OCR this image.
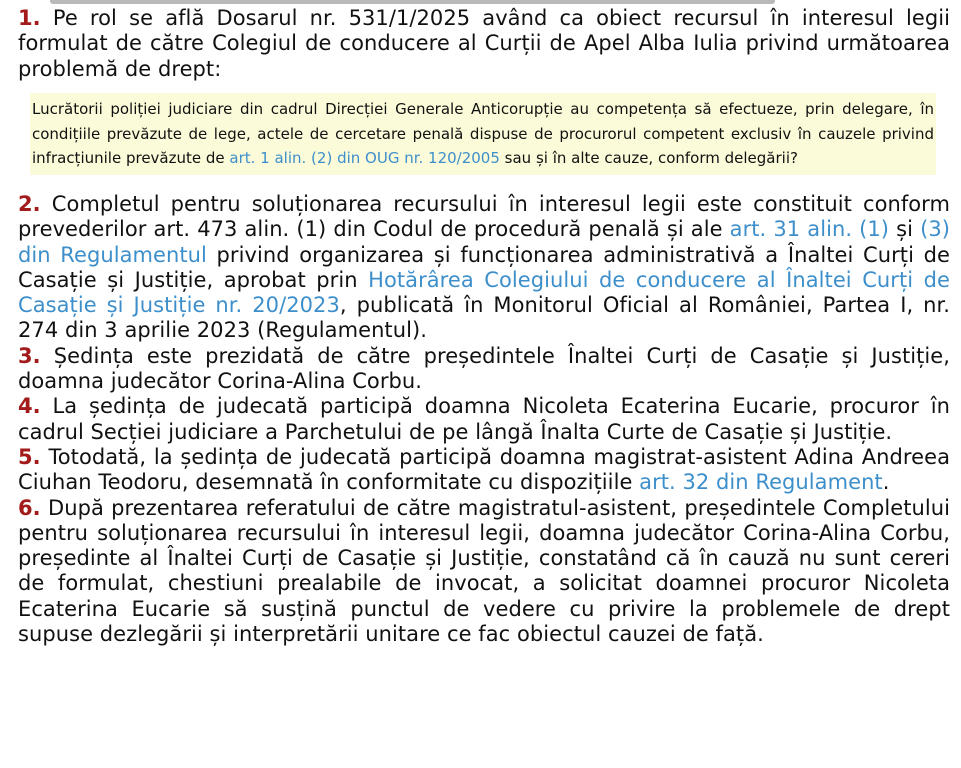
1. Pe rol se află Dosarul nr. 531/1/2025 având ca obiect recursul în interesul legii formulat de către Colegiul de conducere al Curții de Apel Alba Iulia privind următoarea problemă de drept:

Lucrătorii poliției judiciare din cadrul Direcției Generale Anticorupție au competența să efectueze, prin delegare, în condițiile prevăzute de lege, actele de cercetare penală dispuse de procurorul competent exclusiv în cauzele privind infracțiunile prevăzute de art. 1 alin. (2) din OUG nr. 120/2005 sau și în alte cauze, conform delegării?

2. Completul pentru soluționarea recursului în interesul legii este constituit conform prevederilor art. 473 alin. (1) din Codul de procedură penală și ale art. 31 alin. (1) și (3) din Regulamentul privind organizarea și funcționarea administrativă a Înaltei Curți de Casație și Justiție, aprobat prin Hotărârea Colegiului de conducere al Înaltei Curți de Casație și Justiție nr. 20/2023, publicată în Monitorul Oficial al României, Partea I, nr. 274 din 3 aprilie 2023 (Regulamentul).

3. Ședința este prezidată de către președintele Înaltei Curți de Casație și Justiție, doamna judecător Corina-Alina Corbu.

4. La ședința de judecată participă doamna Nicoleta Ecaterina Eucarie, procuror în cadrul Secției judiciare a Parchetului de pe lângă Înalta Curte de Casație și Justiție.

5. Totodată, la ședința de judecată participă doamna magistrat-asistent Adina Andreea Ciuhan Teodoru, desemnată în conformitate cu dispozițiile art. 32 din Regulament.

6. După prezentarea referatului de către magistratul-asistent, președintele Completului pentru soluționarea recursului în interesul legii, doamna judecător Corina-Alina Corbu, președinte al Înaltei Curți de Casație și Justiție, constatând că în cauză nu sunt cereri de formulat, chestiuni prealabile de invocat, a solicitat doamnei procuror Nicoleta Ecaterina Eucarie să susțină punctul de vedere cu privire la problemele de drept supuse dezlegării și interpretării unitare ce fac obiectul cauzei de față.
